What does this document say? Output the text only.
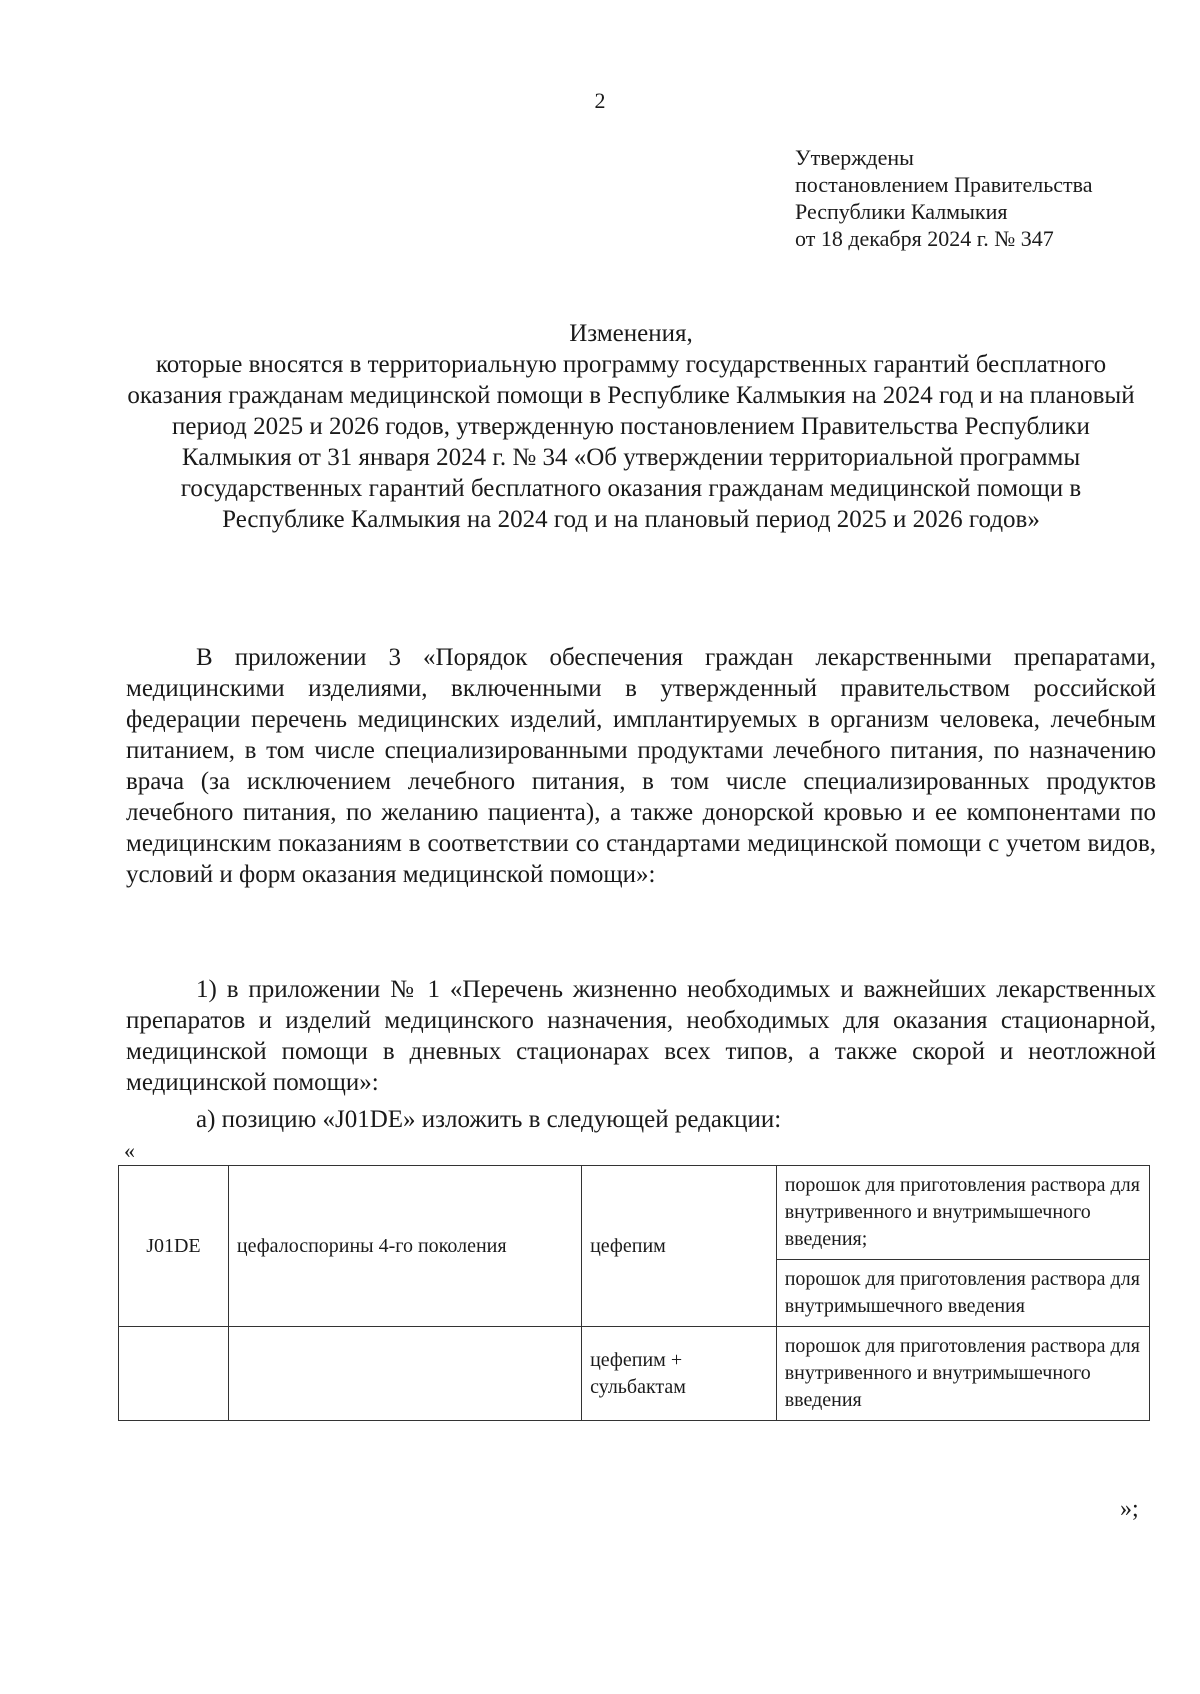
2
Утверждены
постановлением Правительства
Республики Калмыкия
от 18 декабря 2024 г. № 347
Изменения,
которые вносятся в территориальную программу государственных гарантий бесплатного оказания гражданам медицинской помощи в Республике Калмыкия на 2024 год и на плановый период 2025 и 2026 годов, утвержденную постановлением Правительства Республики Калмыкия от 31 января 2024 г. № 34 «Об утверждении территориальной программы государственных гарантий бесплатного оказания гражданам медицинской помощи в Республике Калмыкия на 2024 год и на плановый период 2025 и 2026 годов»

В приложении 3 «Порядок обеспечения граждан лекарственными препаратами, медицинскими изделиями, включенными в утвержденный правительством российской федерации перечень медицинских изделий, имплантируемых в организм человека, лечебным питанием, в том числе специализированными продуктами лечебного питания, по назначению врача (за исключением лечебного питания, в том числе специализированных продуктов лечебного питания, по желанию пациента), а также донорской кровью и ее компонентами по медицинским показаниям в соответствии со стандартами медицинской помощи с учетом видов, условий и форм оказания медицинской помощи»:

1) в приложении № 1 «Перечень жизненно необходимых и важнейших лекарственных препаратов и изделий медицинского назначения, необходимых для оказания стационарной, медицинской помощи в дневных стационарах всех типов, а также скорой и неотложной медицинской помощи»:

а) позицию «J01DE» изложить в следующей редакции:

«
J01DE	цефалоспорины 4-го поколения	цефепим	порошок для приготовления раствора для внутривенного и внутримышечного введения;
			порошок для приготовления раствора для внутримышечного введения
		цефепим + сульбактам	порошок для приготовления раствора для внутривенного и внутримышечного введения
»;
